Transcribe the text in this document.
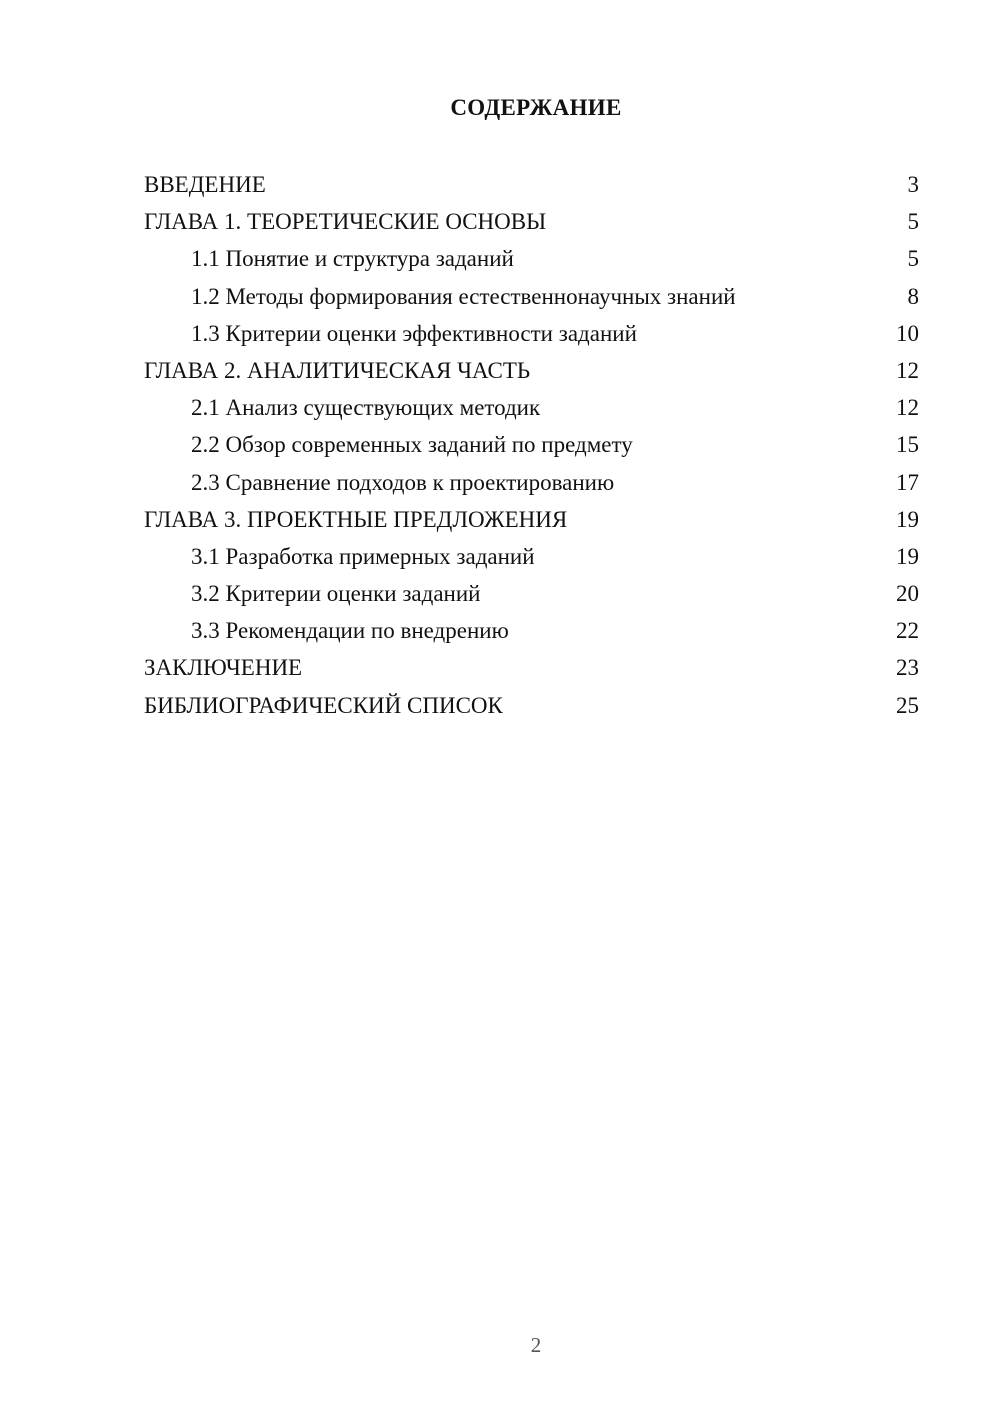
СОДЕРЖАНИЕ
ВВЕДЕНИЕ	3
ГЛАВА 1. ТЕОРЕТИЧЕСКИЕ ОСНОВЫ	5
1.1 Понятие и структура заданий	5
1.2 Методы формирования естественнонаучных знаний	8
1.3 Критерии оценки эффективности заданий	10
ГЛАВА 2. АНАЛИТИЧЕСКАЯ ЧАСТЬ	12
2.1 Анализ существующих методик	12
2.2 Обзор современных заданий по предмету	15
2.3 Сравнение подходов к проектированию	17
ГЛАВА 3. ПРОЕКТНЫЕ ПРЕДЛОЖЕНИЯ	19
3.1 Разработка примерных заданий	19
3.2 Критерии оценки заданий	20
3.3 Рекомендации по внедрению	22
ЗАКЛЮЧЕНИЕ	23
БИБЛИОГРАФИЧЕСКИЙ СПИСОК	25
2
